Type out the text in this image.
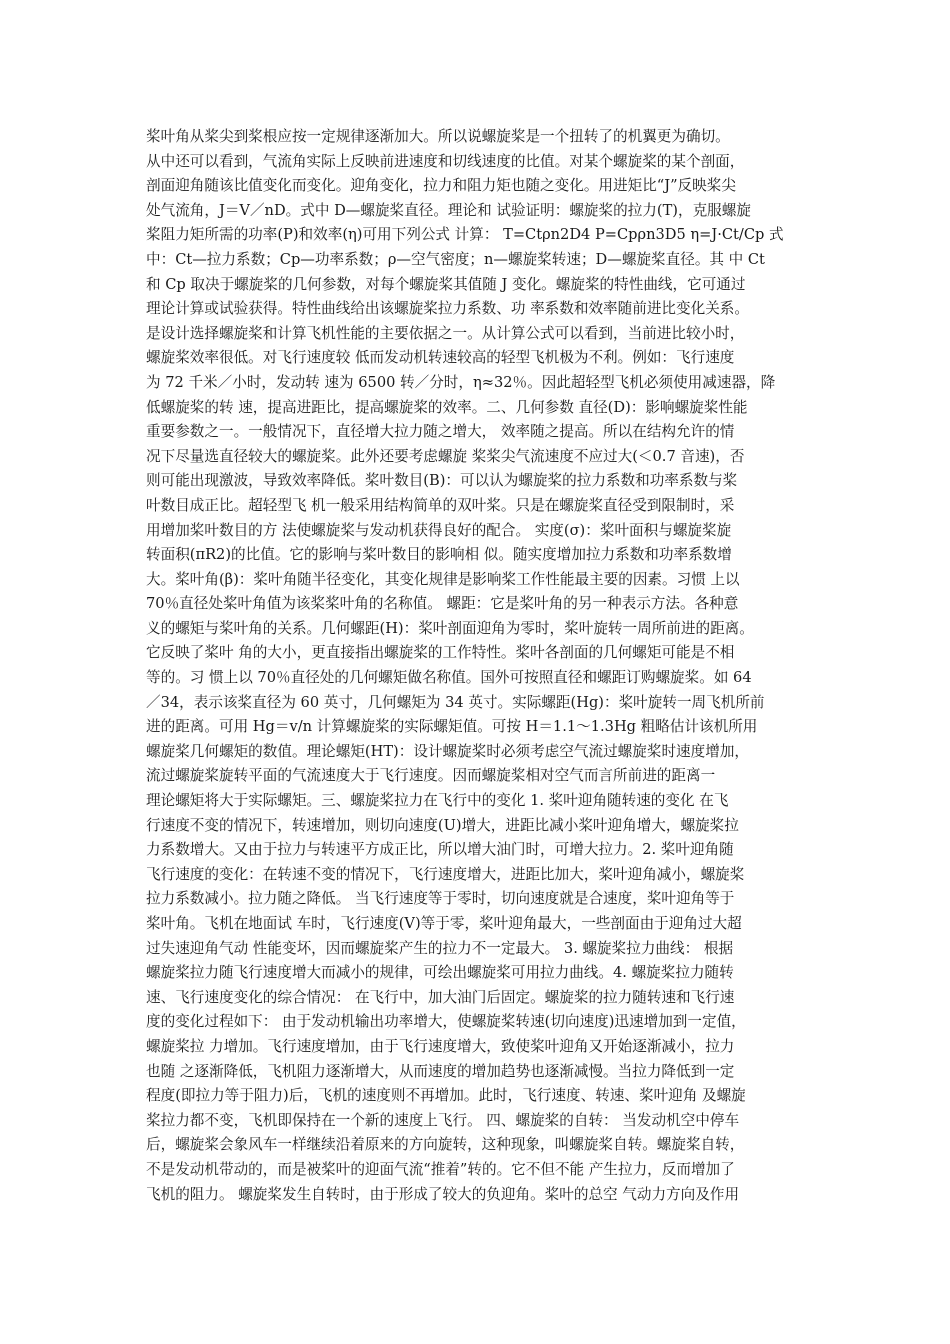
桨叶角从桨尖到桨根应按一定规律逐渐加大。所以说螺旋桨是一个扭转了的机翼更为确切。
从中还可以看到，气流角实际上反映前进速度和切线速度的比值。对某个螺旋桨的某个剖面，
剖面迎角随该比值变化而变化。迎角变化，拉力和阻力矩也随之变化。用进矩比“J”反映桨尖
处气流角，J＝V／nD。式中 D—螺旋桨直径。理论和 试验证明：螺旋桨的拉力(T)，克服螺旋
桨阻力矩所需的功率(P)和效率(η)可用下列公式 计算： T=Ctρn2D4 P=Cpρn3D5 η=J·Ct/Cp 式
中：Ct—拉力系数；Cp—功率系数；ρ—空气密度；n—螺旋桨转速；D—螺旋桨直径。其 中 Ct
和 Cp 取决于螺旋桨的几何参数，对每个螺旋桨其值随 J 变化。螺旋桨的特性曲线，它可通过
理论计算或试验获得。特性曲线给出该螺旋桨拉力系数、功 率系数和效率随前进比变化关系。
是设计选择螺旋桨和计算飞机性能的主要依据之一。从计算公式可以看到，当前进比较小时，
螺旋桨效率很低。对飞行速度较 低而发动机转速较高的轻型飞机极为不利。例如：飞行速度
为 72 千米／小时，发动转 速为 6500 转／分时，η≈32％。因此超轻型飞机必须使用减速器，降
低螺旋桨的转 速，提高进距比，提高螺旋桨的效率。二、几何参数 直径(D)：影响螺旋桨性能
重要参数之一。一般情况下，直径增大拉力随之增大， 效率随之提高。所以在结构允许的情
况下尽量选直径较大的螺旋桨。此外还要考虑螺旋 桨桨尖气流速度不应过大(＜0.7 音速)，否
则可能出现激波，导致效率降低。桨叶数目(B)：可以认为螺旋桨的拉力系数和功率系数与桨
叶数目成正比。超轻型飞 机一般采用结构简单的双叶桨。只是在螺旋桨直径受到限制时，采
用增加桨叶数目的方 法使螺旋桨与发动机获得良好的配合。 实度(σ)：桨叶面积与螺旋桨旋
转面积(πR2)的比值。它的影响与桨叶数目的影响相 似。随实度增加拉力系数和功率系数增
大。桨叶角(β)：桨叶角随半径变化，其变化规律是影响桨工作性能最主要的因素。习惯 上以
70％直径处桨叶角值为该桨桨叶角的名称值。 螺距：它是桨叶角的另一种表示方法。各种意
义的螺矩与桨叶角的关系。几何螺距(H)：桨叶剖面迎角为零时，桨叶旋转一周所前进的距离。
它反映了桨叶 角的大小，更直接指出螺旋桨的工作特性。桨叶各剖面的几何螺矩可能是不相
等的。习 惯上以 70％直径处的几何螺矩做名称值。国外可按照直径和螺距订购螺旋桨。如 64
／34，表示该桨直径为 60 英寸，几何螺矩为 34 英寸。实际螺距(Hg)：桨叶旋转一周飞机所前
进的距离。可用 Hg＝v/n 计算螺旋桨的实际螺矩值。可按 H＝1.1～1.3Hg 粗略估计该机所用
螺旋桨几何螺矩的数值。理论螺矩(HT)：设计螺旋桨时必须考虑空气流过螺旋桨时速度增加，
流过螺旋桨旋转平面的气流速度大于飞行速度。因而螺旋桨相对空气而言所前进的距离一
理论螺矩将大于实际螺矩。三、螺旋桨拉力在飞行中的变化 1. 桨叶迎角随转速的变化 在飞
行速度不变的情况下，转速增加，则切向速度(U)增大，进距比减小桨叶迎角增大，螺旋桨拉
力系数增大。又由于拉力与转速平方成正比，所以增大油门时，可增大拉力。2. 桨叶迎角随
飞行速度的变化：在转速不变的情况下，飞行速度增大，进距比加大，桨叶迎角减小，螺旋桨
拉力系数减小。拉力随之降低。 当飞行速度等于零时，切向速度就是合速度，桨叶迎角等于
桨叶角。飞机在地面试 车时，飞行速度(V)等于零，桨叶迎角最大，一些剖面由于迎角过大超
过失速迎角气动 性能变坏，因而螺旋桨产生的拉力不一定最大。 3. 螺旋桨拉力曲线： 根据
螺旋桨拉力随飞行速度增大而减小的规律，可绘出螺旋桨可用拉力曲线。4. 螺旋桨拉力随转
速、飞行速度变化的综合情况： 在飞行中，加大油门后固定。螺旋桨的拉力随转速和飞行速
度的变化过程如下： 由于发动机输出功率增大，使螺旋桨转速(切向速度)迅速增加到一定值，
螺旋桨拉 力增加。飞行速度增加，由于飞行速度增大，致使桨叶迎角又开始逐渐减小，拉力
也随 之逐渐降低，飞机阻力逐渐增大，从而速度的增加趋势也逐渐减慢。当拉力降低到一定
程度(即拉力等于阻力)后，飞机的速度则不再增加。此时，飞行速度、转速、桨叶迎角 及螺旋
桨拉力都不变，飞机即保持在一个新的速度上飞行。 四、螺旋桨的自转： 当发动机空中停车
后，螺旋桨会象风车一样继续沿着原来的方向旋转，这种现象，叫螺旋桨自转。螺旋桨自转，
不是发动机带动的，而是被桨叶的迎面气流“推着”转的。它不但不能 产生拉力，反而增加了
飞机的阻力。 螺旋桨发生自转时，由于形成了较大的负迎角。桨叶的总空 气动力方向及作用
